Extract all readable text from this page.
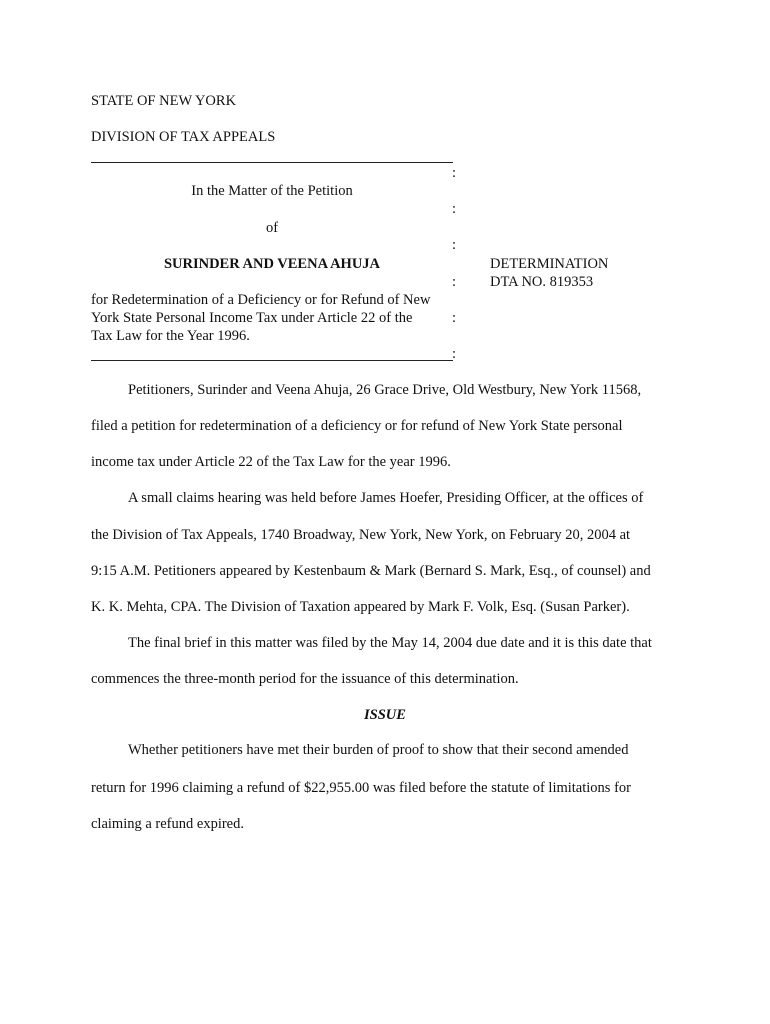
STATE OF NEW YORK
DIVISION OF TAX APPEALS
:
In the Matter of the Petition
:
of
:
SURINDER AND VEENA AHUJA
:
DETERMINATION
DTA NO. 819353
for Redetermination of a Deficiency or for Refund of New
York State Personal Income Tax under Article 22 of the	:
Tax Law for the Year 1996.
:
Petitioners, Surinder and Veena Ahuja, 26 Grace Drive, Old Westbury, New York 11568,
filed a petition for redetermination of a deficiency or for refund of New York State personal
income tax under Article 22 of the Tax Law for the year 1996.
A small claims hearing was held before James Hoefer, Presiding Officer, at the offices of
the Division of Tax Appeals, 1740 Broadway, New York, New York, on February 20, 2004 at
9:15 A.M. Petitioners appeared by Kestenbaum & Mark (Bernard S. Mark, Esq., of counsel) and
K. K. Mehta, CPA. The Division of Taxation appeared by Mark F. Volk, Esq. (Susan Parker).
The final brief in this matter was filed by the May 14, 2004 due date and it is this date that
commences the three-month period for the issuance of this determination.
ISSUE
Whether petitioners have met their burden of proof to show that their second amended
return for 1996 claiming a refund of $22,955.00 was filed before the statute of limitations for
claiming a refund expired.
